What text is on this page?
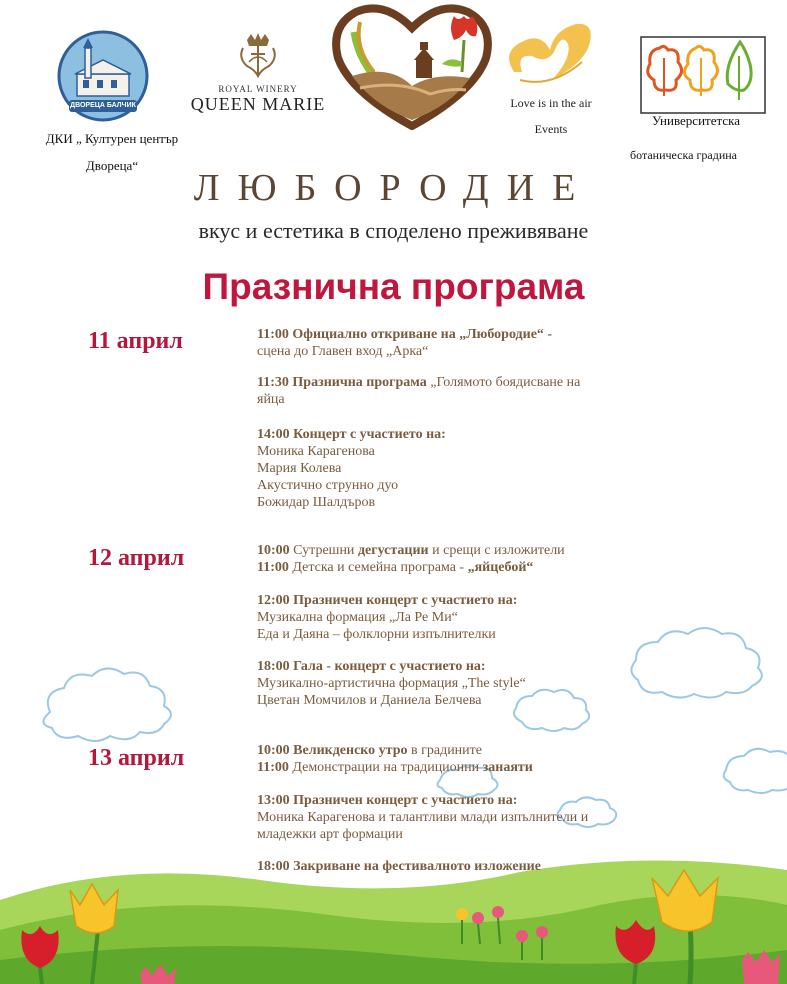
ДВОРЕЦА БАЛЧИК
ДКИ „ Културен център
Двореца“
ROYAL WINERY
QUEEN MARIE	Love is in the air
Events
Университетска
ботаническа градина
ЛЮБОРОДИЕ
вкус и естетика в споделено преживяване
Празнична програма
11 април	11:00 Официално откриване на „Любородие“ -
сцена до Главен вход „Арка“
11:30 Празнична програма „Голямото боядисване на
яйца
14:00 Концерт с участието на:
Моника Карагенова
Мария Колева
Акустично струнно дуо
Божидар Шалдъров
12 април	10:00 Сутрешни дегустации и срещи с изложители
11:00 Детска и семейна програма - „яйцебой“
12:00 Празничен концерт с участието на:
Музикална формация „Ла Ре Ми“
Еда и Даяна – фолклорни изпълнителки
18:00 Гала - концерт с участието на:
Музикално-артистична формация „The style“
Цветан Момчилов и Даниела Белчева
13 април	10:00 Великденско утро в градините
11:00 Демонстрации на традиционни занаяти
13:00 Празничен концерт с участието на:
Моника Карагенова и талантливи млади изпълнители и
младежки арт формации
18:00 Закриване на фестивалното изложение
